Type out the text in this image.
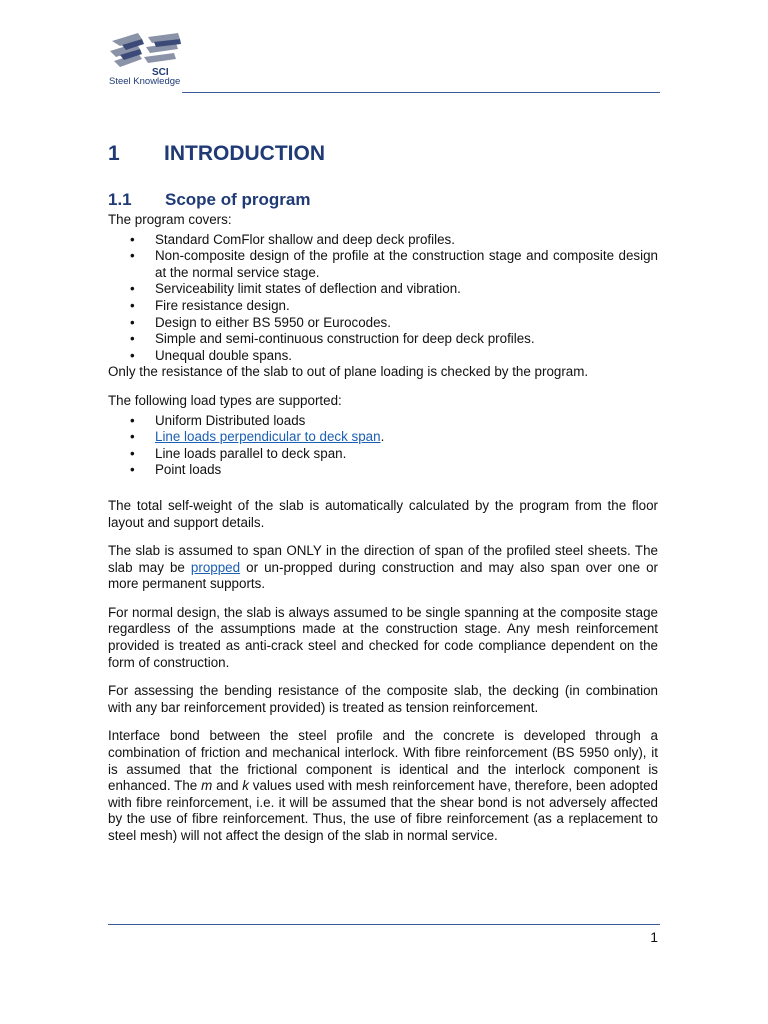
SCI
Steel Knowledge
1 INTRODUCTION
1.1 Scope of program

The program covers:

• Standard ComFlor shallow and deep deck profiles.
• Non-composite design of the profile at the construction stage and composite design at the normal service stage.
• Serviceability limit states of deflection and vibration.
• Fire resistance design.
• Design to either BS 5950 or Eurocodes.
• Simple and semi-continuous construction for deep deck profiles.
• Unequal double spans.

Only the resistance of the slab to out of plane loading is checked by the program.

The following load types are supported:

• Uniform Distributed loads
• Line loads perpendicular to deck span.
• Line loads parallel to deck span.
• Point loads

The total self-weight of the slab is automatically calculated by the program from the floor layout and support details.

The slab is assumed to span ONLY in the direction of span of the profiled steel sheets. The slab may be propped or un-propped during construction and may also span over one or more permanent supports.

For normal design, the slab is always assumed to be single spanning at the composite stage regardless of the assumptions made at the construction stage. Any mesh reinforcement provided is treated as anti-crack steel and checked for code compliance dependent on the form of construction.

For assessing the bending resistance of the composite slab, the decking (in combination with any bar reinforcement provided) is treated as tension reinforcement.

Interface bond between the steel profile and the concrete is developed through a combination of friction and mechanical interlock. With fibre reinforcement (BS 5950 only), it is assumed that the frictional component is identical and the interlock component is enhanced. The m and k values used with mesh reinforcement have, therefore, been adopted with fibre reinforcement, i.e. it will be assumed that the shear bond is not adversely affected by the use of fibre reinforcement. Thus, the use of fibre reinforcement (as a replacement to steel mesh) will not affect the design of the slab in normal service.

1
